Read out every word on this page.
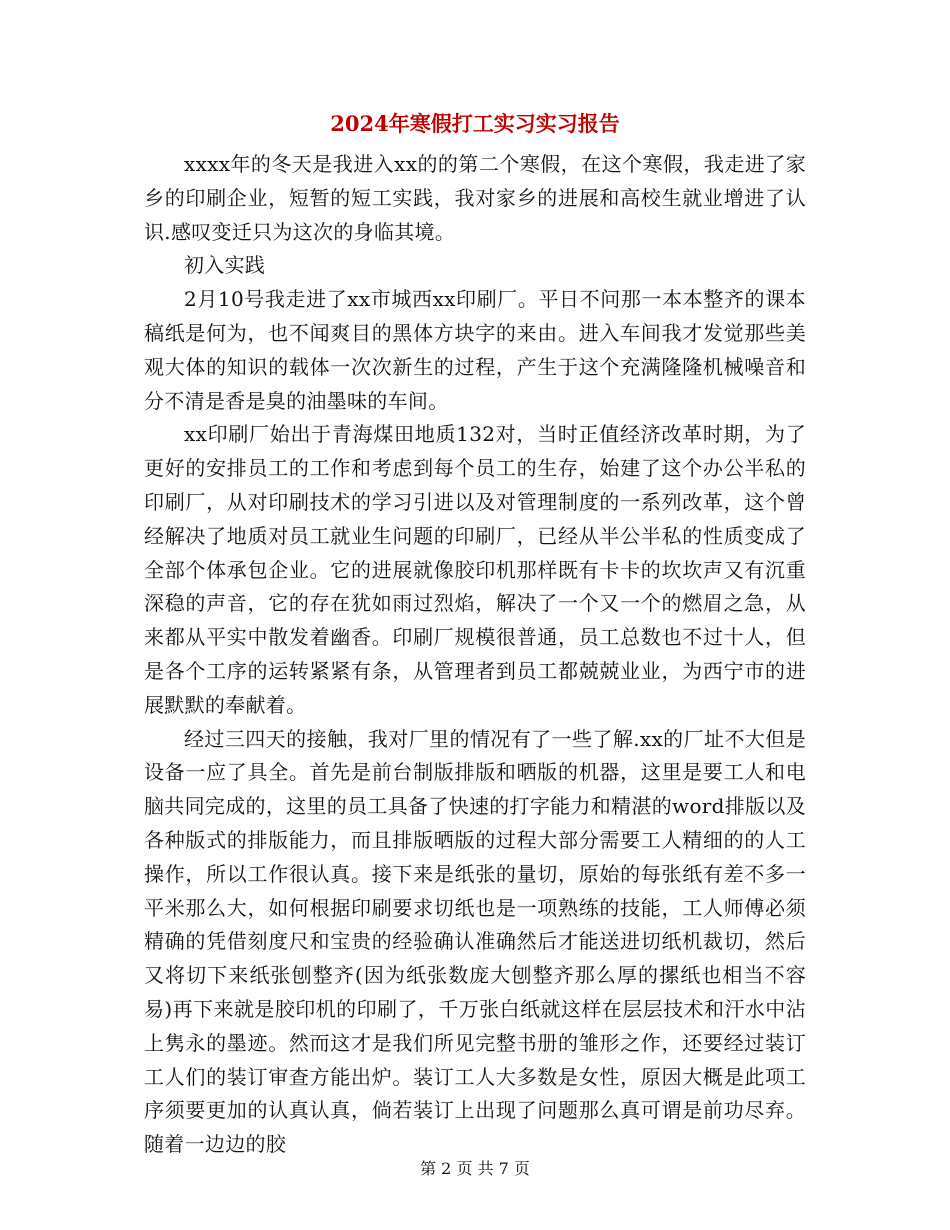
2024年寒假打工实习实习报告

xxxx年的冬天是我进入xx的的第二个寒假，在这个寒假，我走进了家乡的印刷企业，短暂的短工实践，我对家乡的进展和高校生就业增进了认识.感叹变迁只为这次的身临其境。

初入实践

2月10号我走进了xx市城西xx印刷厂。平日不问那一本本整齐的课本稿纸是何为，也不闻爽目的黑体方块字的来由。进入车间我才发觉那些美观大体的知识的载体一次次新生的过程，产生于这个充满隆隆机械噪音和分不清是香是臭的油墨味的车间。

xx印刷厂始出于青海煤田地质132对，当时正值经济改革时期，为了更好的安排员工的工作和考虑到每个员工的生存，始建了这个办公半私的印刷厂，从对印刷技术的学习引进以及对管理制度的一系列改革，这个曾经解决了地质对员工就业生问题的印刷厂，已经从半公半私的性质变成了全部个体承包企业。它的进展就像胶印机那样既有卡卡的坎坎声又有沉重深稳的声音，它的存在犹如雨过烈焰，解决了一个又一个的燃眉之急，从来都从平实中散发着幽香。印刷厂规模很普通，员工总数也不过十人，但是各个工序的运转紧紧有条，从管理者到员工都兢兢业业，为西宁市的进展默默的奉献着。

经过三四天的接触，我对厂里的情况有了一些了解.xx的厂址不大但是设备一应了具全。首先是前台制版排版和晒版的机器，这里是要工人和电脑共同完成的，这里的员工具备了快速的打字能力和精湛的word排版以及各种版式的排版能力，而且排版晒版的过程大部分需要工人精细的的人工操作，所以工作很认真。接下来是纸张的量切，原始的每张纸有差不多一平米那么大，如何根据印刷要求切纸也是一项熟练的技能，工人师傅必须精确的凭借刻度尺和宝贵的经验确认准确然后才能送进切纸机裁切，然后又将切下来纸张刨整齐(因为纸张数庞大刨整齐那么厚的摞纸也相当不容易)再下来就是胶印机的印刷了，千万张白纸就这样在层层技术和汗水中沾上隽永的墨迹。然而这才是我们所见完整书册的雏形之作，还要经过装订工人们的装订审查方能出炉。装订工人大多数是女性，原因大概是此项工序须要更加的认真认真，倘若装订上出现了问题那么真可谓是前功尽弃。随着一边边的胶

第 2 页 共 7 页
